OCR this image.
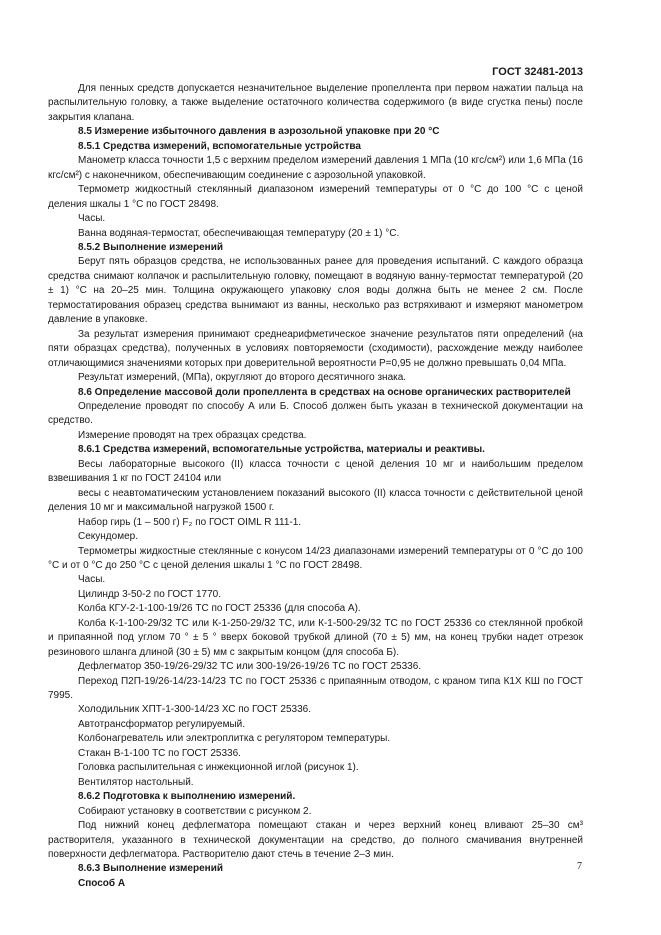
ГОСТ 32481-2013

Для пенных средств допускается незначительное выделение пропеллента при первом нажатии пальца на распылительную головку, а также выделение остаточного количества содержимого (в виде сгустка пены) после закрытия клапана.

8.5 Измерение избыточного давления в аэрозольной упаковке при 20 °С

8.5.1 Средства измерений, вспомогательные устройства

Манометр класса точности 1,5 с верхним пределом измерений давления 1 МПа (10 кгс/см²) или 1,6 МПа (16 кгс/см²) с наконечником, обеспечивающим соединение с аэрозольной упаковкой.

Термометр жидкостный стеклянный диапазоном измерений температуры от 0 °С до 100 °С с ценой деления шкалы 1 °С по ГОСТ 28498.

Часы.

Ванна водяная-термостат, обеспечивающая температуру (20 ± 1) °С.

8.5.2 Выполнение измерений

Берут пять образцов средства, не использованных ранее для проведения испытаний. С каждого образца средства снимают колпачок и распылительную головку, помещают в водяную ванну-термостат температурой (20 ± 1) °С на 20–25 мин. Толщина окружающего упаковку слоя воды должна быть не менее 2 см. После термостатирования образец средства вынимают из ванны, несколько раз встряхивают и измеряют манометром давление в упаковке.

За результат измерения принимают среднеарифметическое значение результатов пяти определений (на пяти образцах средства), полученных в условиях повторяемости (сходимости), расхождение между наиболее отличающимися значениями которых при доверительной вероятности P=0,95 не должно превышать 0,04 МПа.

Результат измерений, (МПа), округляют до второго десятичного знака.

8.6 Определение массовой доли пропеллента в средствах на основе органических растворителей

Определение проводят по способу А или Б. Способ должен быть указан в технической документации на средство.

Измерение проводят на трех образцах средства.

8.6.1 Средства измерений, вспомогательные устройства, материалы и реактивы.

Весы лабораторные высокого (II) класса точности с ценой деления 10 мг и наибольшим пределом взвешивания 1 кг по ГОСТ 24104 или

весы с неавтоматическим установлением показаний высокого (II) класса точности с действительной ценой деления 10 мг и максимальной нагрузкой 1500 г.

Набор гирь (1 – 500 г) F₂ по ГОСТ OIML R 111-1.

Секундомер.

Термометры жидкостные стеклянные с конусом 14/23 диапазонами измерений температуры от 0 °С до 100 °С и от 0 °С до 250 °С с ценой деления шкалы 1 °С по ГОСТ 28498.

Часы.

Цилиндр 3-50-2 по ГОСТ 1770.

Колба КГУ-2-1-100-19/26 ТС по ГОСТ 25336 (для способа А).

Колба К-1-100-29/32 ТС или К-1-250-29/32 ТС, или К-1-500-29/32 ТС по ГОСТ 25336 со стеклянной пробкой и припаянной под углом 70 ° ± 5 ° вверх боковой трубкой длиной (70 ± 5) мм, на конец трубки надет отрезок резинового шланга длиной (30 ± 5) мм с закрытым концом (для способа Б).

Дефлегматор 350-19/26-29/32 ТС или 300-19/26-19/26 ТС по ГОСТ 25336.

Переход П2П-19/26-14/23-14/23 ТС по ГОСТ 25336 с припаянным отводом, с краном типа К1Х КШ по ГОСТ 7995.

Холодильник ХПТ-1-300-14/23 ХС по ГОСТ 25336.

Автотрансформатор регулируемый.

Колбонагреватель или электроплитка с регулятором температуры.

Стакан В-1-100 ТС по ГОСТ 25336.

Головка распылительная с инжекционной иглой (рисунок 1).

Вентилятор настольный.

8.6.2 Подготовка к выполнению измерений.

Собирают установку в соответствии с рисунком 2.

Под нижний конец дефлегматора помещают стакан и через верхний конец вливают 25–30 см³ растворителя, указанного в технической документации на средство, до полного смачивания внутренней поверхности дефлегматора. Растворителю дают стечь в течение 2–3 мин.

8.6.3 Выполнение измерений

Способ А

7
